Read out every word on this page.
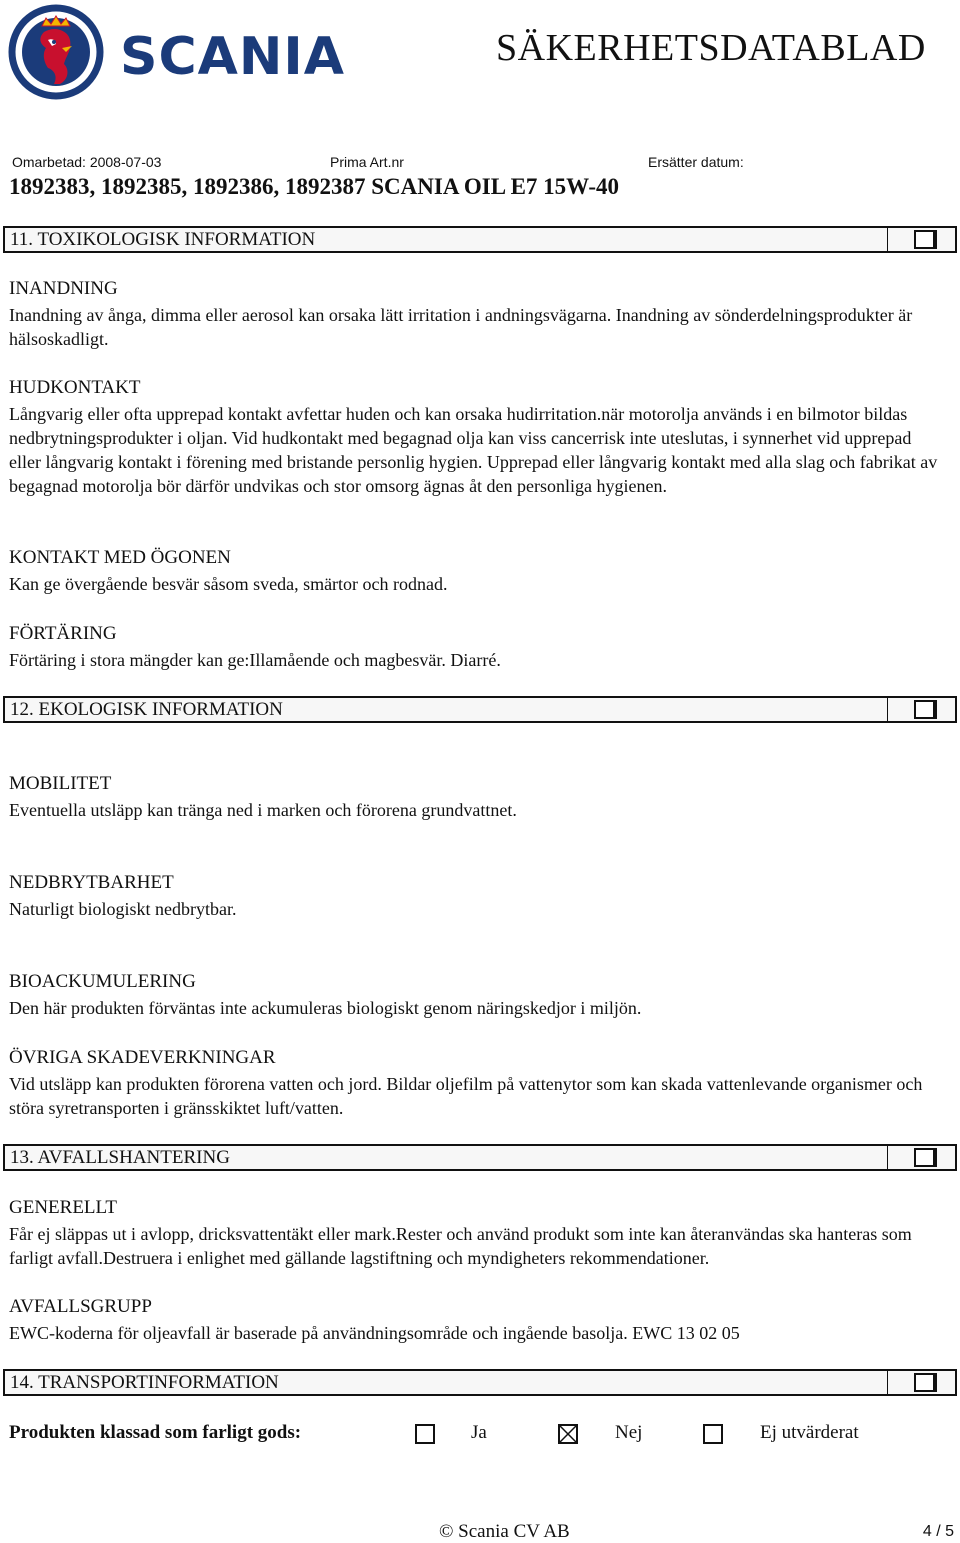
SCANIA	SÄKERHETSDATABLAD
Omarbetad: 2008-07-03	Prima Art.nr	Ersätter datum:
1892383, 1892385, 1892386, 1892387 SCANIA OIL E7 15W-40
11. TOXIKOLOGISK INFORMATION
INANDNING
Inandning av ånga, dimma eller aerosol kan orsaka lätt irritation i andningsvägarna. Inandning av sönderdelningsprodukter är hälsoskadligt.
HUDKONTAKT
Långvarig eller ofta upprepad kontakt avfettar huden och kan orsaka hudirritation.när motorolja används i en bilmotor bildas nedbrytningsprodukter i oljan. Vid hudkontakt med begagnad olja kan viss cancerrisk inte uteslutas, i synnerhet vid upprepad eller långvarig kontakt i förening med bristande personlig hygien. Upprepad eller långvarig kontakt med alla slag och fabrikat av begagnad motorolja bör därför undvikas och stor omsorg ägnas åt den personliga hygienen.
KONTAKT MED ÖGONEN
Kan ge övergående besvär såsom sveda, smärtor och rodnad.
FÖRTÄRING
Förtäring i stora mängder kan ge:Illamående och magbesvär. Diarré.
12. EKOLOGISK INFORMATION
MOBILITET
Eventuella utsläpp kan tränga ned i marken och förorena grundvattnet.
NEDBRYTBARHET
Naturligt biologiskt nedbrytbar.
BIOACKUMULERING
Den här produkten förväntas inte ackumuleras biologiskt genom näringskedjor i miljön.
ÖVRIGA SKADEVERKNINGAR
Vid utsläpp kan produkten förorena vatten och jord. Bildar oljefilm på vattenytor som kan skada vattenlevande organismer och störa syretransporten i gränsskiktet luft/vatten.
13. AVFALLSHANTERING
GENERELLT
Får ej släppas ut i avlopp, dricksvattentäkt eller mark.Rester och använd produkt som inte kan återanvändas ska hanteras som farligt avfall.Destruera i enlighet med gällande lagstiftning och myndigheters rekommendationer.
AVFALLSGRUPP
EWC-koderna för oljeavfall är baserade på användningsområde och ingående basolja. EWC 13 02 05
14. TRANSPORTINFORMATION
Produkten klassad som farligt gods:	Ja	Nej	Ej utvärderat
© Scania CV AB	4 / 5
